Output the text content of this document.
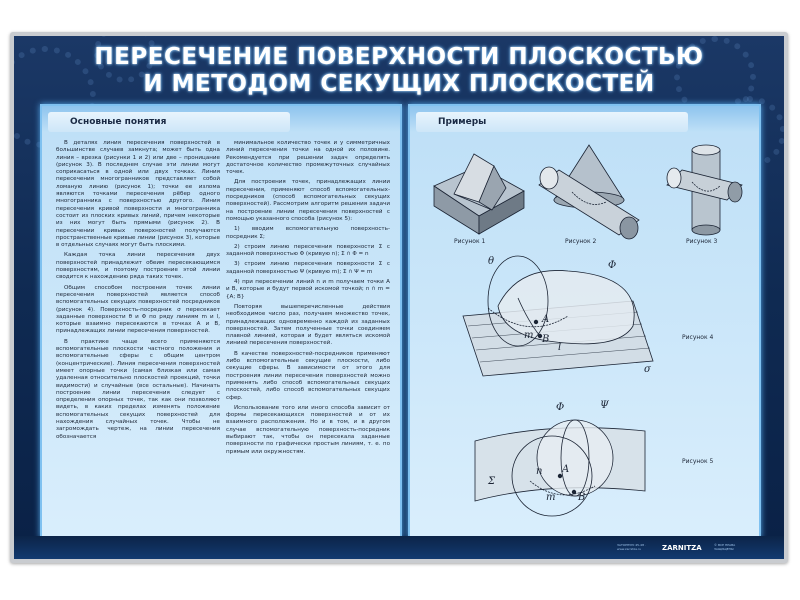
ПЕРЕСЕЧЕНИЕ ПОВЕРХНОСТИ ПЛОСКОСТЬЮ
И МЕТОДОМ СЕКУЩИХ ПЛОСКОСТЕЙ
Основные понятия

В деталях линия пересечения поверхностей в большинстве случаев замкнута; может быть одна линия – врезка (рисунки 1 и 2) или две – проницание (рисунок 3). В последнем случае эти линии могут соприкасаться в одной или двух точках. Линия пересечения многогранников представляет собой ломаную линию (рисунок 1); точки ее излома являются точками пересечения рёбер одного многогранника с поверхностью другого. Линия пересечения кривой поверхности и многогранника состоит из плоских кривых линий, причем некоторые из них могут быть прямыми (рисунок 2). В пересечении кривых поверхностей получаются пространственные кривые линии (рисунок 3), которые в отдельных случаях могут быть плоскими.

Каждая точка линии пересечения двух поверхностей принадлежит обеим пересекающимся поверхностям, и поэтому построение этой линии сводится к нахождению ряда таких точек.

Общим способом построения точек линии пересечения поверхностей является способ вспомогательных секущих поверхностей посредников (рисунок 4). Поверхность-посредник σ пересекает заданные поверхности θ и Φ по ряду линиям m и l, которые взаимно пересекаются в точках A и B, принадлежащих линии пересечения поверхностей.

В практике чаще всего применяются вспомогательные плоскости частного положения и вспомогательные сферы с общим центром (концентрические). Линия пересечения поверхностей имеет опорные точки (самая близкая или самая удаленная относительно плоскостей проекций, точки видимости) и случайные (все остальные). Начинать построение линии пересечения следует с определения опорных точек, так как они позволяют видеть, в каких пределах изменять положение вспомогательных секущих поверхностей для нахождения случайных точек. Чтобы не загромождать чертеж, на линии пересечения обозначается

минимальное количество точек и у симметричных линий пересечения точки на одной их половине. Рекомендуется при решении задач определять достаточное количество промежуточных случайных точек.

Для построения точек, принадлежащих линии пересечения, применяют способ вспомогательных-посредников (способ вспомогательных секущих поверхностей). Рассмотрим алгоритм решения задачи на построение линии пересечения поверхностей с помощью указанного способа (рисунок 5):

1) вводим вспомогательную поверхность-посредник Σ;

2) строим линию пересечения поверхности Σ с заданной поверхностью Φ (кривую n); Σ ∩ Φ = n

3) строим линию пересечения поверхности Σ с заданной поверхностью Ψ (кривую m); Σ ∩ Ψ = m

4) при пересечении линий n и m получаем точки A и B, которые и будут первой искомой точкой; n ∩ m = {A; B}

Повторяя вышеперечисленные действия необходимое число раз, получаем множество точек, принадлежащих одновременно каждой из заданных поверхностей. Затем полученные точки соединяем плавной линией, которая и будет являться искомой линией пересечения поверхностей.

В качестве поверхностей-посредников применяют либо вспомогательные секущие плоскости, либо секущие сферы. В зависимости от этого для построения линии пересечения поверхностей можно применять либо способ вспомогательных секущих плоскостей, либо способ вспомогательных секущих сфер.

Использование того или иного способа зависит от формы пересекающихся поверхностей и от их взаимного расположения. Но и в том, и в другом случае вспомогательную поверхность-посредник выбирают так, чтобы он пересекала заданные поверхности по графически простым линиям, т. е. по прямым или окружностям.

Примеры
Рисунок 1	Рисунок 2	Рисунок 3
θ	Φ
A
B
m
l
σ
Рисунок 4
Φ	Ψ
Σ
n
m
A
B
Рисунок 5
ЗАТОРНУЮ 45-48 · www.zarnitza.ru	ZARNITZA	© ВСЕ ПРАВА ЗАЩИЩЕНЫ
